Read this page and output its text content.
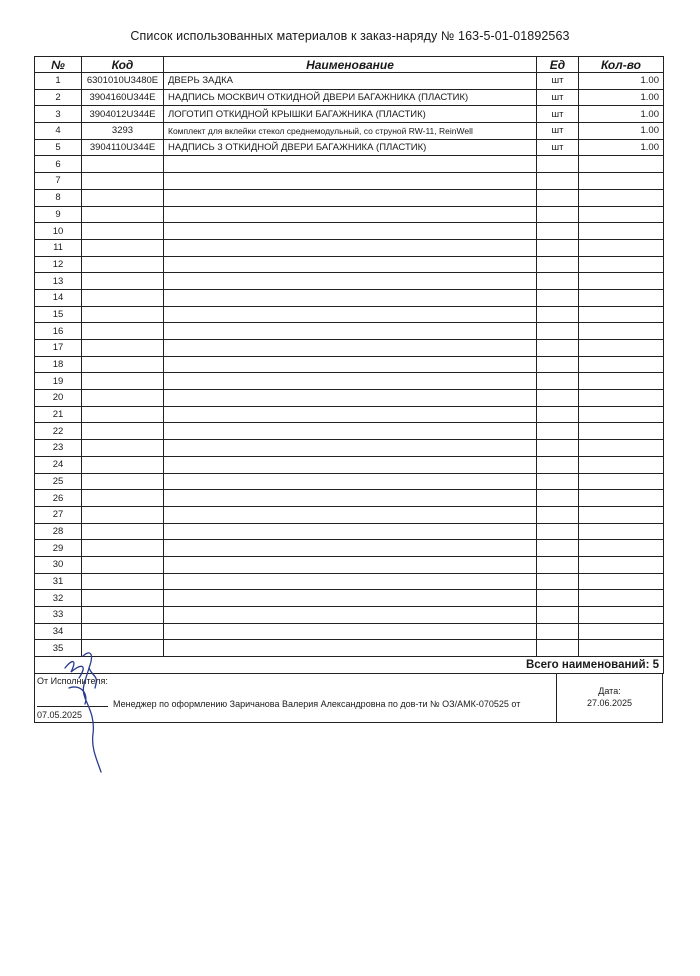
Список использованных материалов к заказ-наряду № 163-5-01-01892563
№	Код	Наименование	Ед	Кол-во
1	6301010U3480E	ДВЕРЬ ЗАДКА	шт	1.00
2	3904160U344E	НАДПИСЬ МОСКВИЧ ОТКИДНОЙ ДВЕРИ БАГАЖНИКА (ПЛАСТИК)	шт	1.00
3	3904012U344E	ЛОГОТИП ОТКИДНОЙ КРЫШКИ БАГАЖНИКА (ПЛАСТИК)	шт	1.00
4	3293	Комплект для вклейки стекол среднемодульный, со струной RW-11, ReinWell	шт	1.00
5	3904110U344E	НАДПИСЬ 3 ОТКИДНОЙ ДВЕРИ БАГАЖНИКА (ПЛАСТИК)	шт	1.00
6				
7				
8				
9				
10				
11				
12				
13				
14				
15				
16				
17				
18				
19				
20				
21				
22				
23				
24				
25				
26				
27				
28				
29				
30				
31				
32				
33				
34				
35				
Всего наименований: 5				
От Исполнителя:
Менеджер по оформлению Заричанова Валерия Александровна по дов-ти № ОЗ/АМК-070525 от
07.05.2025
Дата:
27.06.2025
